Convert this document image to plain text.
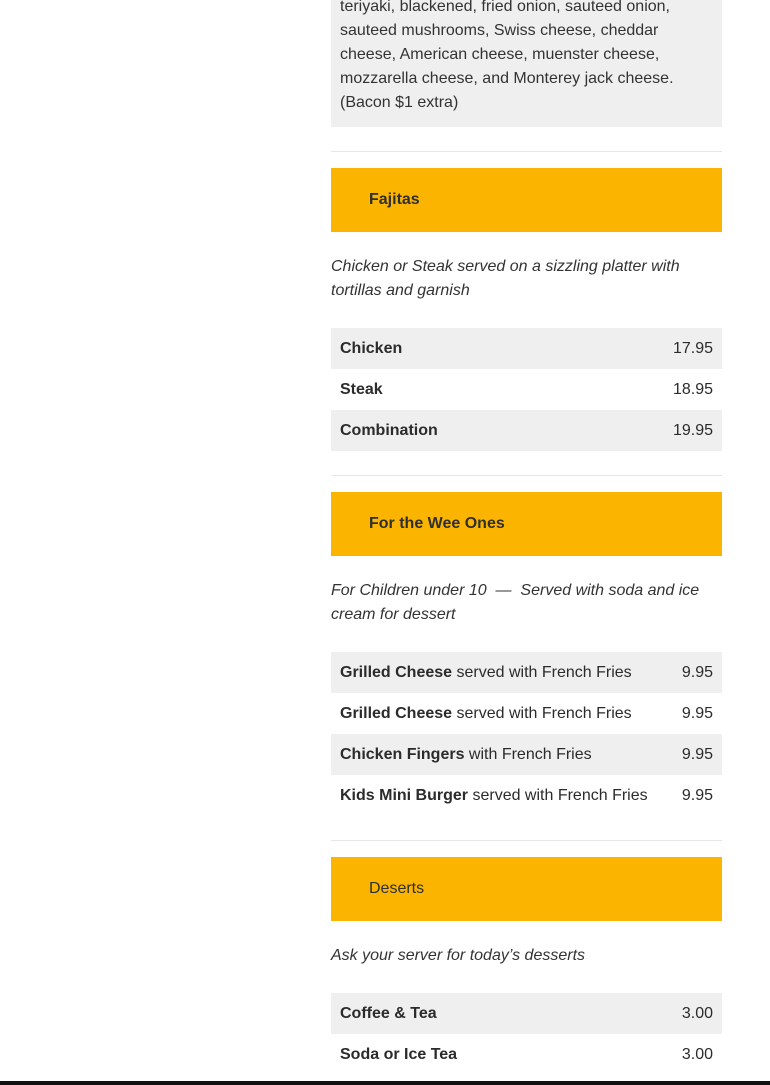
teriyaki, blackened, fried onion, sauteed onion, sauteed mushrooms, Swiss cheese, cheddar cheese, American cheese, muenster cheese, mozzarella cheese, and Monterey jack cheese.   (Bacon $1 extra)
Fajitas
Chicken or Steak served on a sizzling platter with tortillas and garnish
Chicken	17.95
Steak	18.95
Combination	19.95
For the Wee Ones
For Children under 10  —  Served with soda and ice cream for dessert
Grilled Cheese served with French Fries	9.95
Grilled Cheese served with French Fries	9.95
Chicken Fingers with French Fries	9.95
Kids Mini Burger served with French Fries	9.95
Deserts
Ask your server for today’s desserts
Coffee & Tea	3.00
Soda or Ice Tea	3.00
